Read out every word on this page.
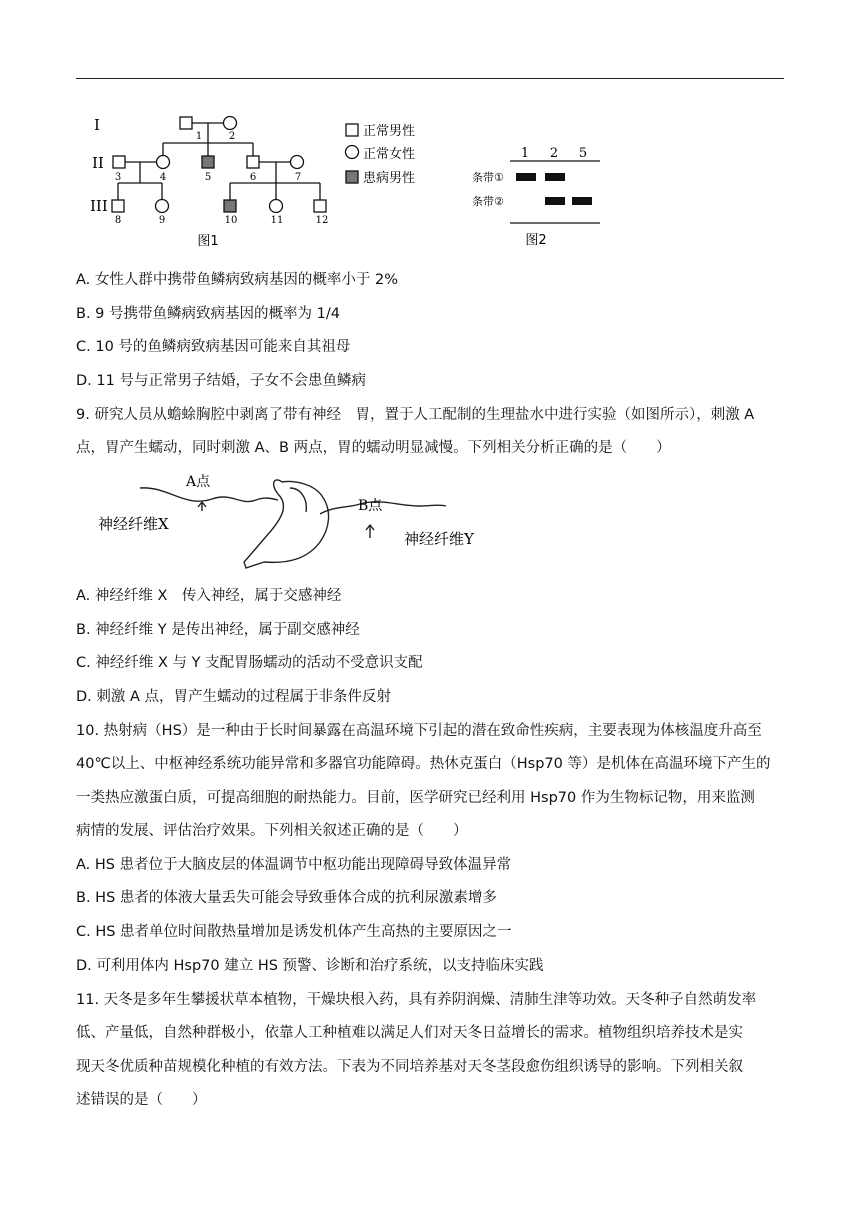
I
II
III
1	2
3	4	5	6	7
8	9	10	11	12
正常男性
正常女性
患病男性
图1
1 2 5
条带①
条带②
图2
A. 女性人群中携带鱼鳞病致病基因的概率小于 2%
B. 9 号携带鱼鳞病致病基因的概率为 1/4
C. 10 号的鱼鳞病致病基因可能来自其祖母
D. 11 号与正常男子结婚，子女不会患鱼鳞病
9. 研究人员从蟾蜍胸腔中剥离了带有神经　胃，置于人工配制的生理盐水中进行实验（如图所示），刺激 A
点，胃产生蠕动，同时刺激 A、B 两点，胃的蠕动明显减慢。下列相关分析正确的是（　　）
A点
B点
神经纤维X
神经纤维Y
A. 神经纤维 X　传入神经，属于交感神经
B. 神经纤维 Y 是传出神经，属于副交感神经
C. 神经纤维 X 与 Y 支配胃肠蠕动的活动不受意识支配
D. 刺激 A 点，胃产生蠕动的过程属于非条件反射
10. 热射病（HS）是一种由于长时间暴露在高温环境下引起的潜在致命性疾病，主要表现为体核温度升高至
40℃以上、中枢神经系统功能异常和多器官功能障碍。热休克蛋白（Hsp70 等）是机体在高温环境下产生的
一类热应激蛋白质，可提高细胞的耐热能力。目前，医学研究已经利用 Hsp70 作为生物标记物，用来监测
病情的发展、评估治疗效果。下列相关叙述正确的是（　　）
A. HS 患者位于大脑皮层的体温调节中枢功能出现障碍导致体温异常
B. HS 患者的体液大量丢失可能会导致垂体合成的抗利尿激素增多
C. HS 患者单位时间散热量增加是诱发机体产生高热的主要原因之一
D. 可利用体内 Hsp70 建立 HS 预警、诊断和治疗系统，以支持临床实践
11. 天冬是多年生攀援状草本植物，干燥块根入药，具有养阴润燥、清肺生津等功效。天冬种子自然萌发率
低、产量低，自然种群极小，依靠人工种植难以满足人们对天冬日益增长的需求。植物组织培养技术是实
现天冬优质种苗规模化种植的有效方法。下表为不同培养基对天冬茎段愈伤组织诱导的影响。下列相关叙
述错误的是（　　）
